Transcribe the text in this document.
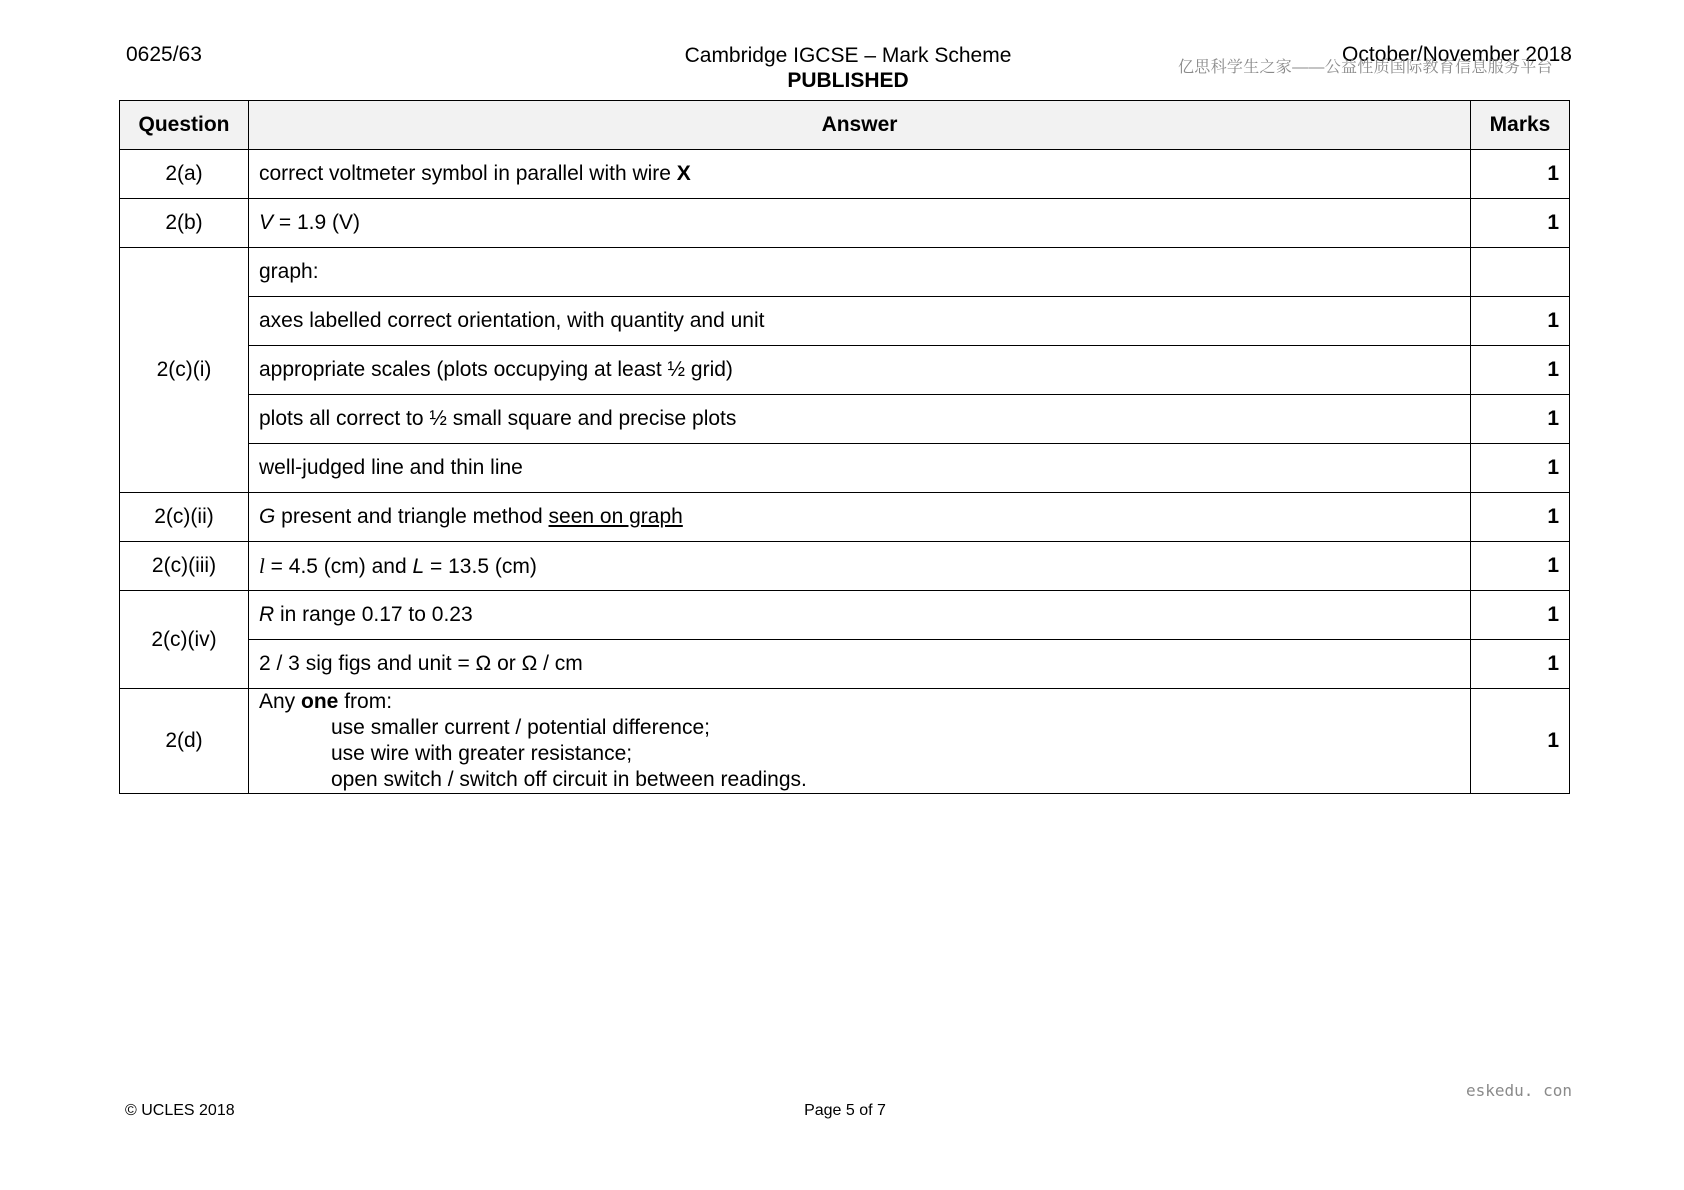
0625/63	Cambridge IGCSE – Mark Scheme
PUBLISHED
October/November 2018
亿思科学生之家——公益性质国际教育信息服务平台
Question	Answer	Marks
2(a)	correct voltmeter symbol in parallel with wire X	1
2(b)	V = 1.9 (V)	1
2(c)(i)	graph:	
	axes labelled correct orientation, with quantity and unit	1
	appropriate scales (plots occupying at least ½ grid)	1
	plots all correct to ½ small square and precise plots	1
	well-judged line and thin line	1
2(c)(ii)	G present and triangle method seen on graph	1
2(c)(iii)	l = 4.5 (cm) and L = 13.5 (cm)	1
2(c)(iv)	R in range 0.17 to 0.23	1
	2 / 3 sig figs and unit = Ω or Ω / cm	1
2(d)	Any one from:
use smaller current / potential difference;
use wire with greater resistance;
open switch / switch off circuit in between readings.	1
eskedu. con
© UCLES 2018	Page 5 of 7
